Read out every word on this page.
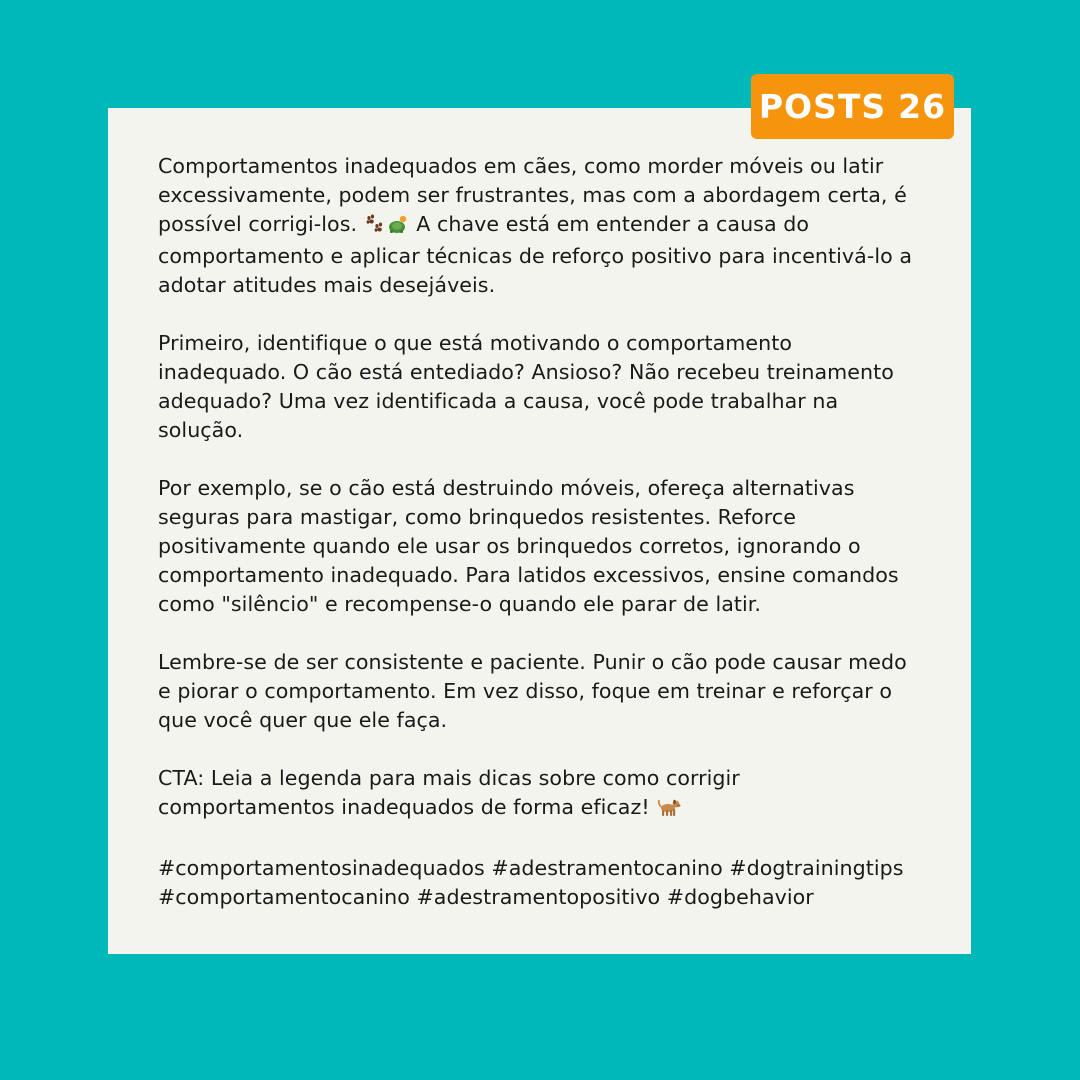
Comportamentos inadequados em cães, como morder móveis ou latir excessivamente, podem ser frustrantes, mas com a abordagem certa, é possível corrigi-los.	A chave está em entender a causa do comportamento e aplicar técnicas de reforço positivo para incentivá-lo a adotar atitudes mais desejáveis.

Primeiro, identifique o que está motivando o comportamento inadequado. O cão está entediado? Ansioso? Não recebeu treinamento adequado? Uma vez identificada a causa, você pode trabalhar na solução.

Por exemplo, se o cão está destruindo móveis, ofereça alternativas seguras para mastigar, como brinquedos resistentes. Reforce positivamente quando ele usar os brinquedos corretos, ignorando o comportamento inadequado. Para latidos excessivos, ensine comandos como "silêncio" e recompense-o quando ele parar de latir.

Lembre-se de ser consistente e paciente. Punir o cão pode causar medo e piorar o comportamento. Em vez disso, foque em treinar e reforçar o que você quer que ele faça.

CTA: Leia a legenda para mais dicas sobre como corrigir comportamentos inadequados de forma eficaz!

#comportamentosinadequados #adestramentocanino #dogtrainingtips #comportamentocanino #adestramentopositivo #dogbehavior

POSTS 26
